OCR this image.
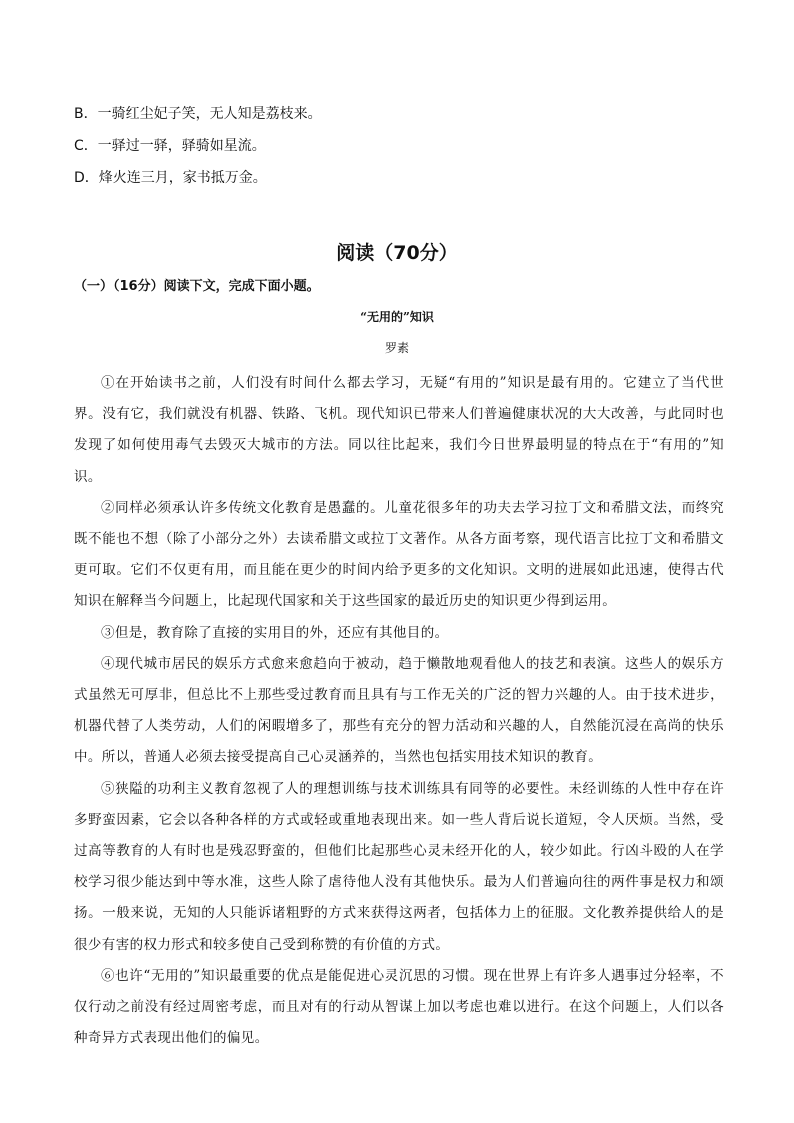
B．一骑红尘妃子笑，无人知是荔枝来。
C．一驿过一驿，驿骑如星流。
D．烽火连三月，家书抵万金。
阅读（70分）
（一）（16分）阅读下文，完成下面小题。
“无用的”知识
罗素

①在开始读书之前，人们没有时间什么都去学习，无疑“有用的”知识是最有用的。它建立了当代世界。没有它，我们就没有机器、铁路、飞机。现代知识已带来人们普遍健康状况的大大改善，与此同时也发现了如何使用毒气去毁灭大城市的方法。同以往比起来，我们今日世界最明显的特点在于“有用的”知识。

②同样必须承认许多传统文化教育是愚蠢的。儿童花很多年的功夫去学习拉丁文和希腊文法，而终究既不能也不想（除了小部分之外）去读希腊文或拉丁文著作。从各方面考察，现代语言比拉丁文和希腊文更可取。它们不仅更有用，而且能在更少的时间内给予更多的文化知识。文明的进展如此迅速，使得古代知识在解释当今问题上，比起现代国家和关于这些国家的最近历史的知识更少得到运用。

③但是，教育除了直接的实用目的外，还应有其他目的。

④现代城市居民的娱乐方式愈来愈趋向于被动，趋于懒散地观看他人的技艺和表演。这些人的娱乐方式虽然无可厚非，但总比不上那些受过教育而且具有与工作无关的广泛的智力兴趣的人。由于技术进步，机器代替了人类劳动，人们的闲暇增多了，那些有充分的智力活动和兴趣的人，自然能沉浸在高尚的快乐中。所以，普通人必须去接受提高自己心灵涵养的，当然也包括实用技术知识的教育。

⑤狭隘的功利主义教育忽视了人的理想训练与技术训练具有同等的必要性。未经训练的人性中存在许多野蛮因素，它会以各种各样的方式或轻或重地表现出来。如一些人背后说长道短，令人厌烦。当然，受过高等教育的人有时也是残忍野蛮的，但他们比起那些心灵未经开化的人，较少如此。行凶斗殴的人在学校学习很少能达到中等水准，这些人除了虐待他人没有其他快乐。最为人们普遍向往的两件事是权力和颂扬。一般来说，无知的人只能诉诸粗野的方式来获得这两者，包括体力上的征服。文化教养提供给人的是很少有害的权力形式和较多使自己受到称赞的有价值的方式。

⑥也许“无用的”知识最重要的优点是能促进心灵沉思的习惯。现在世界上有许多人遇事过分轻率，不仅行动之前没有经过周密考虑，而且对有的行动从智谋上加以考虑也难以进行。在这个问题上，人们以各种奇异方式表现出他们的偏见。
